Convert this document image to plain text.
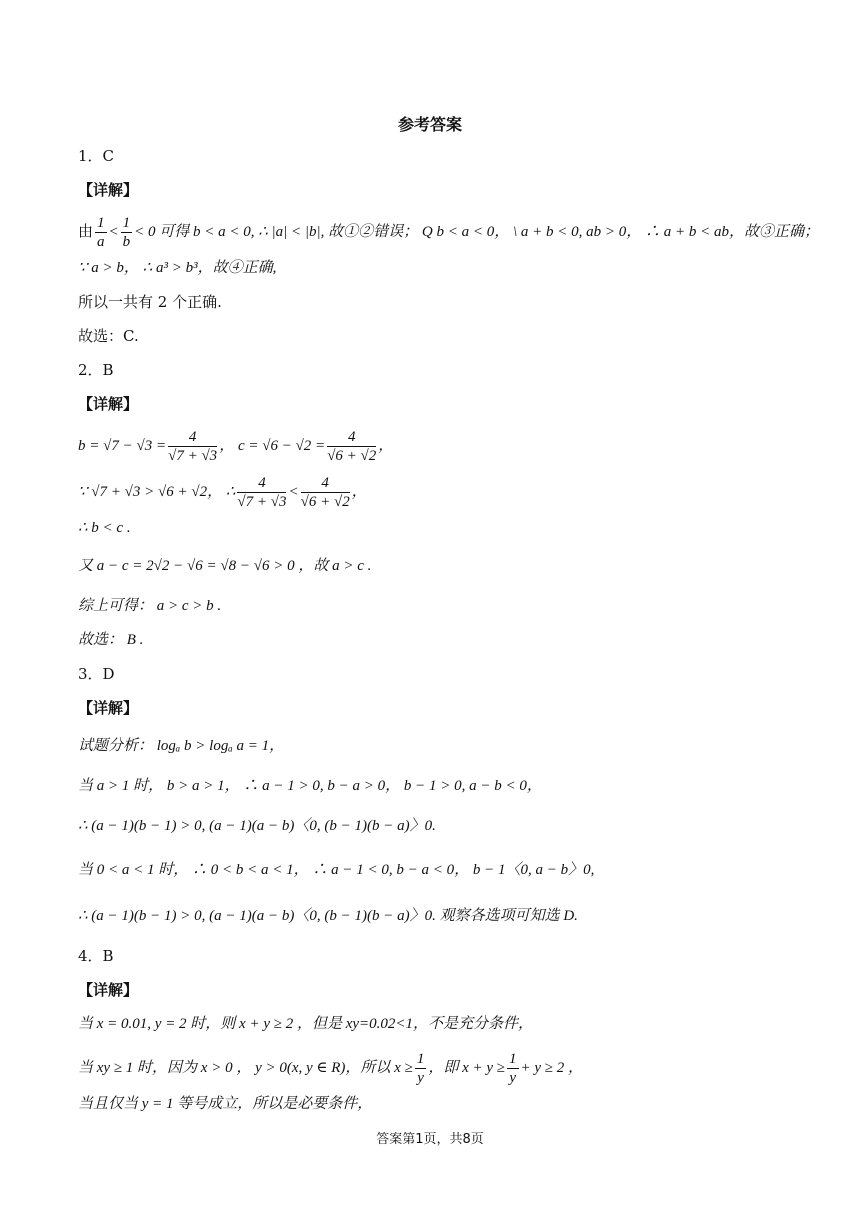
参考答案
1．C
【详解】
由 $\frac{1}{a} < \frac{1}{b} < 0$ 可得 b < a < 0, ∴ |a| < |b|, 故①②错误； Q b < a < 0， \ a + b < 0, ab > 0， ∴ a + b < ab，故③正确；
∵ a > b， ∴ a³ > b³，故④正确,
所以一共有 2 个正确.
故选：C.
2．B
【详解】
$b = √7 - √3 = \frac{4}{√7 + √3}$ ， $c = √6 - √2 = \frac{4}{√6 + √2}$ ，
∵ √7 + √3 > √6 + √2， ∴ $\frac{4}{√7 + √3} < \frac{4}{√6 + √2}$ ，
∴ b < c .
又 a − c = 2√2 − √6 = √8 − √6 > 0 ，故 a > c .
综上可得： a > c > b .
故选： B .
3．D
【详解】
试题分析： logₐ b > logₐ a = 1，
当 a > 1 时， b > a > 1， ∴ a − 1 > 0, b − a > 0， b − 1 > 0, a − b < 0，
∴ (a − 1)(b − 1) > 0, (a − 1)(a − b)〈0, (b − 1)(b − a)〉0.
当 0 < a < 1 时， ∴ 0 < b < a < 1， ∴ a − 1 < 0, b − a < 0， b − 1〈0, a − b〉0,
∴ (a − 1)(b − 1) > 0, (a − 1)(a − b)〈0, (b − 1)(b − a)〉0. 观察各选项可知选 D.
4．B
【详解】
当 x = 0.01, y = 2 时，则 x + y ≥ 2 ，但是 xy=0.02<1，不是充分条件，
当 xy ≥ 1 时，因为 x > 0 ， y > 0(x, y ∈ R)，所以 $x \ge \frac{1}{y}$ ，即 $x + y \ge \frac{1}{y} + y \ge 2$ ，
当且仅当 y = 1 等号成立，所以是必要条件，
答案第1页，共8页
